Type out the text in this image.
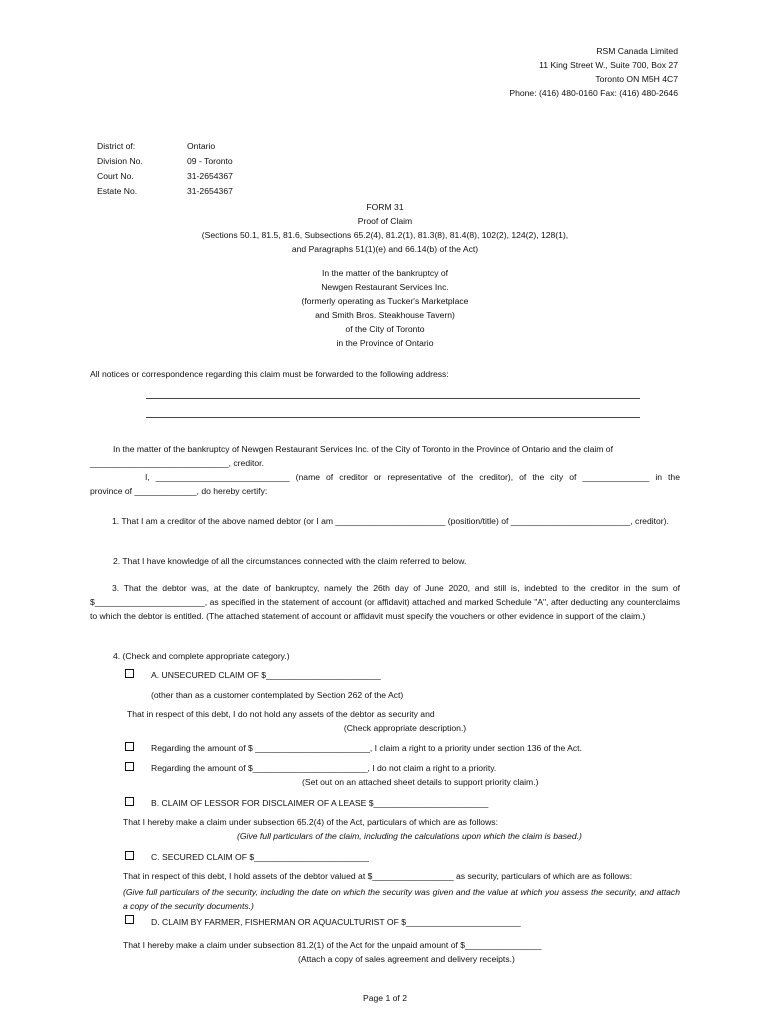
RSM Canada Limited
11 King Street W., Suite 700, Box 27
Toronto ON M5H 4C7
Phone: (416) 480-0160 Fax: (416) 480-2646
District of:	Ontario
Division No.	09 - Toronto
Court No.	31-2654367
Estate No.	31-2654367
FORM 31
Proof of Claim
(Sections 50.1, 81.5, 81.6, Subsections 65.2(4), 81.2(1), 81.3(8), 81.4(8), 102(2), 124(2), 128(1),
and Paragraphs 51(1)(e) and 66.14(b) of the Act)
In the matter of the bankruptcy of
Newgen Restaurant Services Inc.
(formerly operating as Tucker's Marketplace
and Smith Bros. Steakhouse Tavern)
of the City of Toronto
in the Province of Ontario
All notices or correspondence regarding this claim must be forwarded to the following address:
In the matter of the bankruptcy of Newgen Restaurant Services Inc. of the City of Toronto in the Province of Ontario and the claim of
_____________________________, creditor.
I, ____________________________ (name of creditor or representative of the creditor), of the city of ______________ in the
province of _____________, do hereby certify:
1. That I am a creditor of the above named debtor (or I am _______________________ (position/title) of _________________________, creditor).
2. That I have knowledge of all the circumstances connected with the claim referred to below.
3. That the debtor was, at the date of bankruptcy, namely the 26th day of June 2020, and still is, indebted to the creditor in the sum of $_______________________, as specified in the statement of account (or affidavit) attached and marked Schedule "A", after deducting any counterclaims to which the debtor is entitled. (The attached statement of account or affidavit must specify the vouchers or other evidence in support of the claim.)
4. (Check and complete appropriate category.)
A. UNSECURED CLAIM OF $________________________
(other than as a customer contemplated by Section 262 of the Act)
That in respect of this debt, I do not hold any assets of the debtor as security and
(Check appropriate description.)
Regarding the amount of $ ________________________, I claim a right to a priority under section 136 of the Act.
Regarding the amount of $________________________, I do not claim a right to a priority.
(Set out on an attached sheet details to support priority claim.)
B. CLAIM OF LESSOR FOR DISCLAIMER OF A LEASE $________________________
That I hereby make a claim under subsection 65.2(4) of the Act, particulars of which are as follows:
(Give full particulars of the claim, including the calculations upon which the claim is based.)
C. SECURED CLAIM OF $________________________
That in respect of this debt, I hold assets of the debtor valued at $_________________ as security, particulars of which are as follows:
(Give full particulars of the security, including the date on which the security was given and the value at which you assess the security, and attach a copy of the security documents.)
D. CLAIM BY FARMER, FISHERMAN OR AQUACULTURIST OF $________________________
That I hereby make a claim under subsection 81.2(1) of the Act for the unpaid amount of $________________
(Attach a copy of sales agreement and delivery receipts.)
Page 1 of 2
